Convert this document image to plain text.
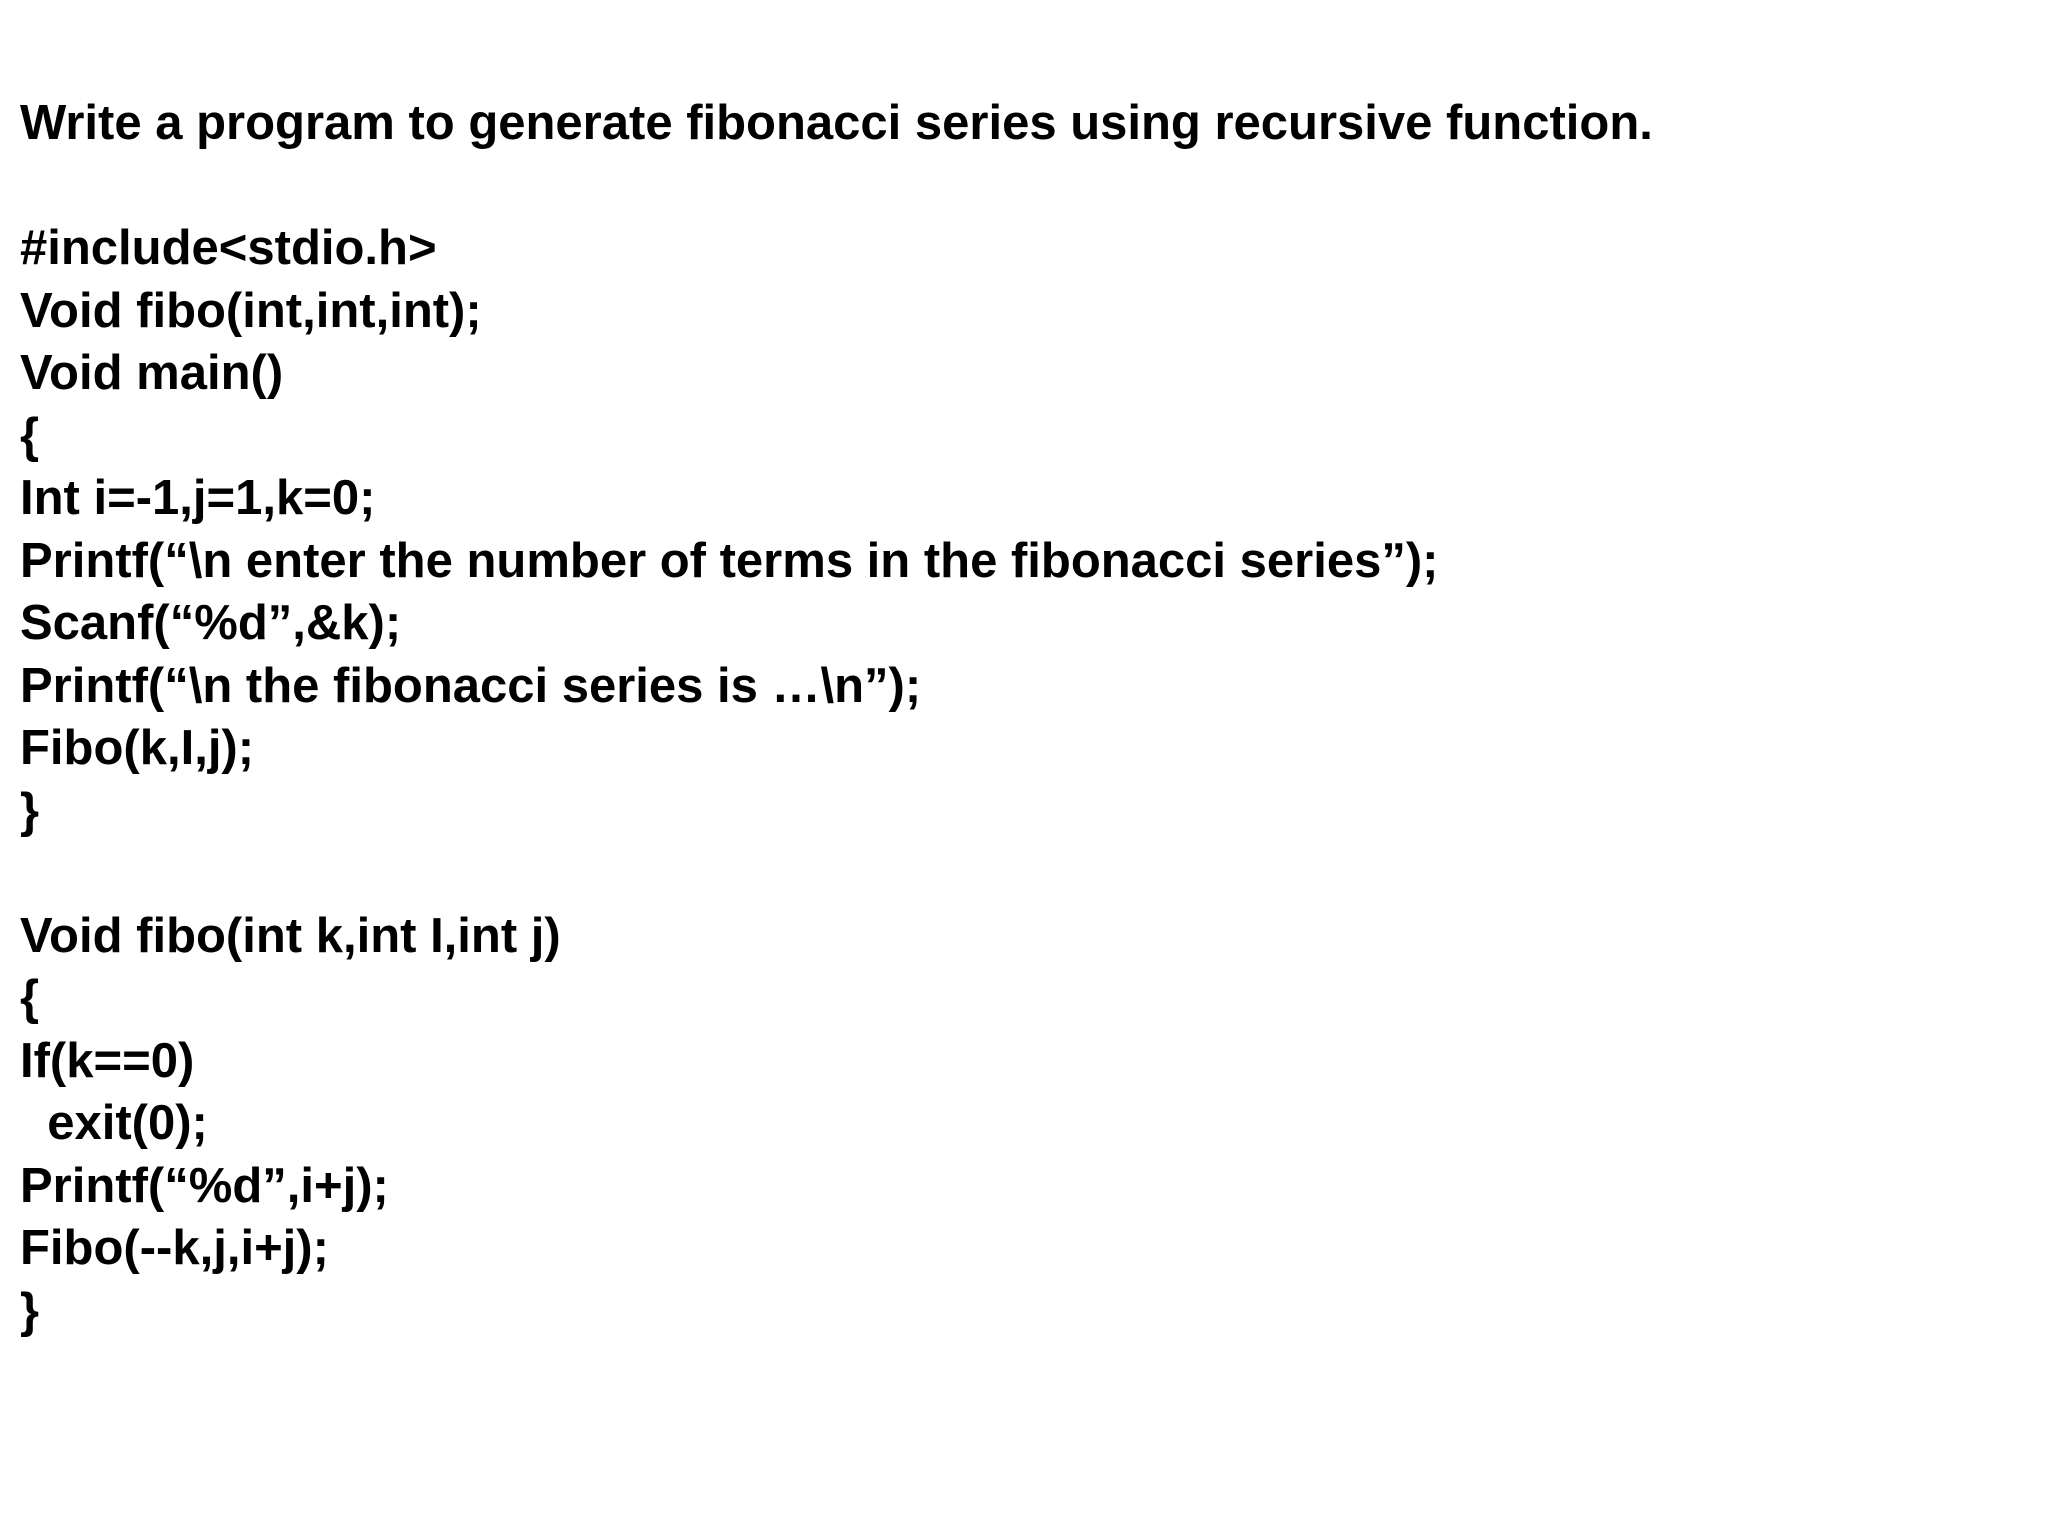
Write a program to generate fibonacci series using recursive function.

#include<stdio.h>

Void fibo(int,int,int);

Void main()

{

Int i=-1,j=1,k=0;

Printf(“\n enter the number of terms in the fibonacci series”);

Scanf(“%d”,&k);

Printf(“\n the fibonacci series is …\n”);

Fibo(k,I,j);

}

Void fibo(int k,int I,int j)

{

If(k==0)

exit(0);

Printf(“%d”,i+j);

Fibo(--k,j,i+j);

}
